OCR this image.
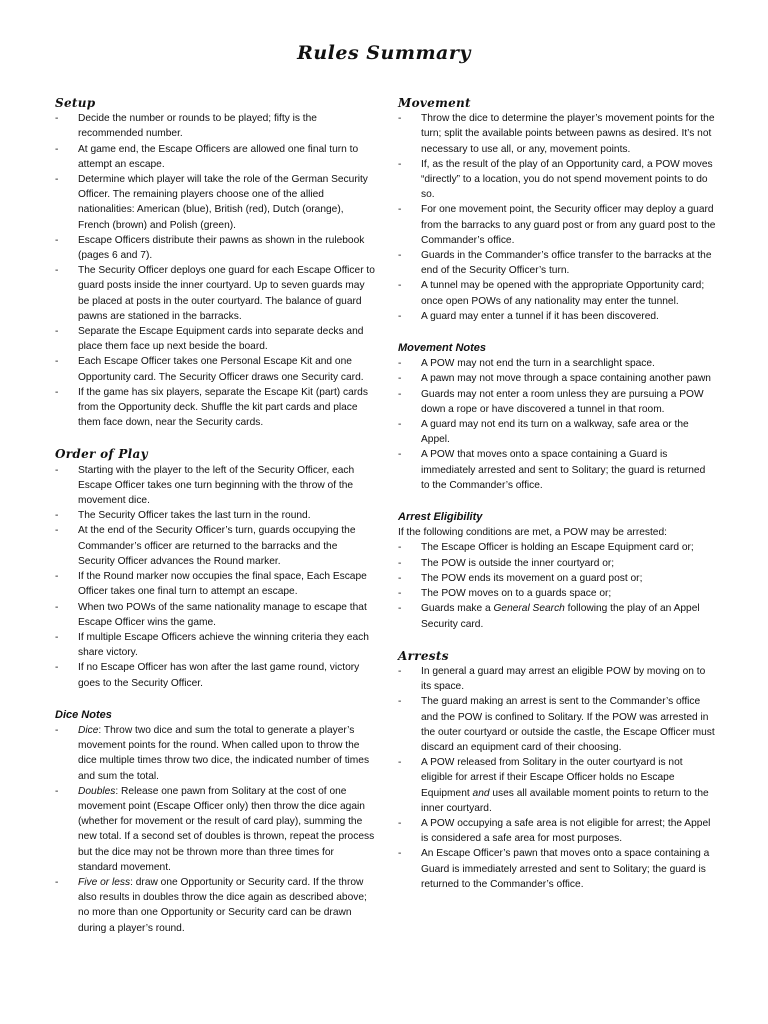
Rules Summary
Setup
- Decide the number or rounds to be played; fifty is the recommended number.
- At game end, the Escape Officers are allowed one final turn to attempt an escape.
- Determine which player will take the role of the German Security Officer. The remaining players choose one of the allied nationalities: American (blue), British (red), Dutch (orange), French (brown) and Polish (green).
- Escape Officers distribute their pawns as shown in the rulebook (pages 6 and 7).
- The Security Officer deploys one guard for each Escape Officer to guard posts inside the inner courtyard. Up to seven guards may be placed at posts in the outer courtyard. The balance of guard pawns are stationed in the barracks.
- Separate the Escape Equipment cards into separate decks and place them face up next beside the board.
- Each Escape Officer takes one Personal Escape Kit and one Opportunity card. The Security Officer draws one Security card.
- If the game has six players, separate the Escape Kit (part) cards from the Opportunity deck. Shuffle the kit part cards and place them face down, near the Security cards.
Order of Play
- Starting with the player to the left of the Security Officer, each Escape Officer takes one turn beginning with the throw of the movement dice.
- The Security Officer takes the last turn in the round.
- At the end of the Security Officer’s turn, guards occupying the Commander’s officer are returned to the barracks and the Security Officer advances the Round marker.
- If the Round marker now occupies the final space, Each Escape Officer takes one final turn to attempt an escape.
- When two POWs of the same nationality manage to escape that Escape Officer wins the game.
- If multiple Escape Officers achieve the winning criteria they each share victory.
- If no Escape Officer has won after the last game round, victory goes to the Security Officer.
Dice Notes
- Dice: Throw two dice and sum the total to generate a player’s movement points for the round. When called upon to throw the dice multiple times throw two dice, the indicated number of times and sum the total.
- Doubles: Release one pawn from Solitary at the cost of one movement point (Escape Officer only) then throw the dice again (whether for movement or the result of card play), summing the new total. If a second set of doubles is thrown, repeat the process but the dice may not be thrown more than three times for standard movement.
- Five or less: draw one Opportunity or Security card. If the throw also results in doubles throw the dice again as described above; no more than one Opportunity or Security card can be drawn during a player’s round.
Movement
- Throw the dice to determine the player’s movement points for the turn; split the available points between pawns as desired. It’s not necessary to use all, or any, movement points.
- If, as the result of the play of an Opportunity card, a POW moves “directly” to a location, you do not spend movement points to do so.
- For one movement point, the Security officer may deploy a guard from the barracks to any guard post or from any guard post to the Commander’s office.
- Guards in the Commander’s office transfer to the barracks at the end of the Security Officer’s turn.
- A tunnel may be opened with the appropriate Opportunity card; once open POWs of any nationality may enter the tunnel.
- A guard may enter a tunnel if it has been discovered.
Movement Notes
- A POW may not end the turn in a searchlight space.
- A pawn may not move through a space containing another pawn
- Guards may not enter a room unless they are pursuing a POW down a rope or have discovered a tunnel in that room.
- A guard may not end its turn on a walkway, safe area or the Appel.
- A POW that moves onto a space containing a Guard is immediately arrested and sent to Solitary; the guard is returned to the Commander’s office.
Arrest Eligibility

If the following conditions are met, a POW may be arrested:

- The Escape Officer is holding an Escape Equipment card or;
- The POW is outside the inner courtyard or;
- The POW ends its movement on a guard post or;
- The POW moves on to a guards space or;
- Guards make a General Search following the play of an Appel Security card.
Arrests
- In general a guard may arrest an eligible POW by moving on to its space.
- The guard making an arrest is sent to the Commander’s office and the POW is confined to Solitary. If the POW was arrested in the outer courtyard or outside the castle, the Escape Officer must discard an equipment card of their choosing.
- A POW released from Solitary in the outer courtyard is not eligible for arrest if their Escape Officer holds no Escape Equipment and uses all available moment points to return to the inner courtyard.
- A POW occupying a safe area is not eligible for arrest; the Appel is considered a safe area for most purposes.
- An Escape Officer’s pawn that moves onto a space containing a Guard is immediately arrested and sent to Solitary; the guard is returned to the Commander’s office.
